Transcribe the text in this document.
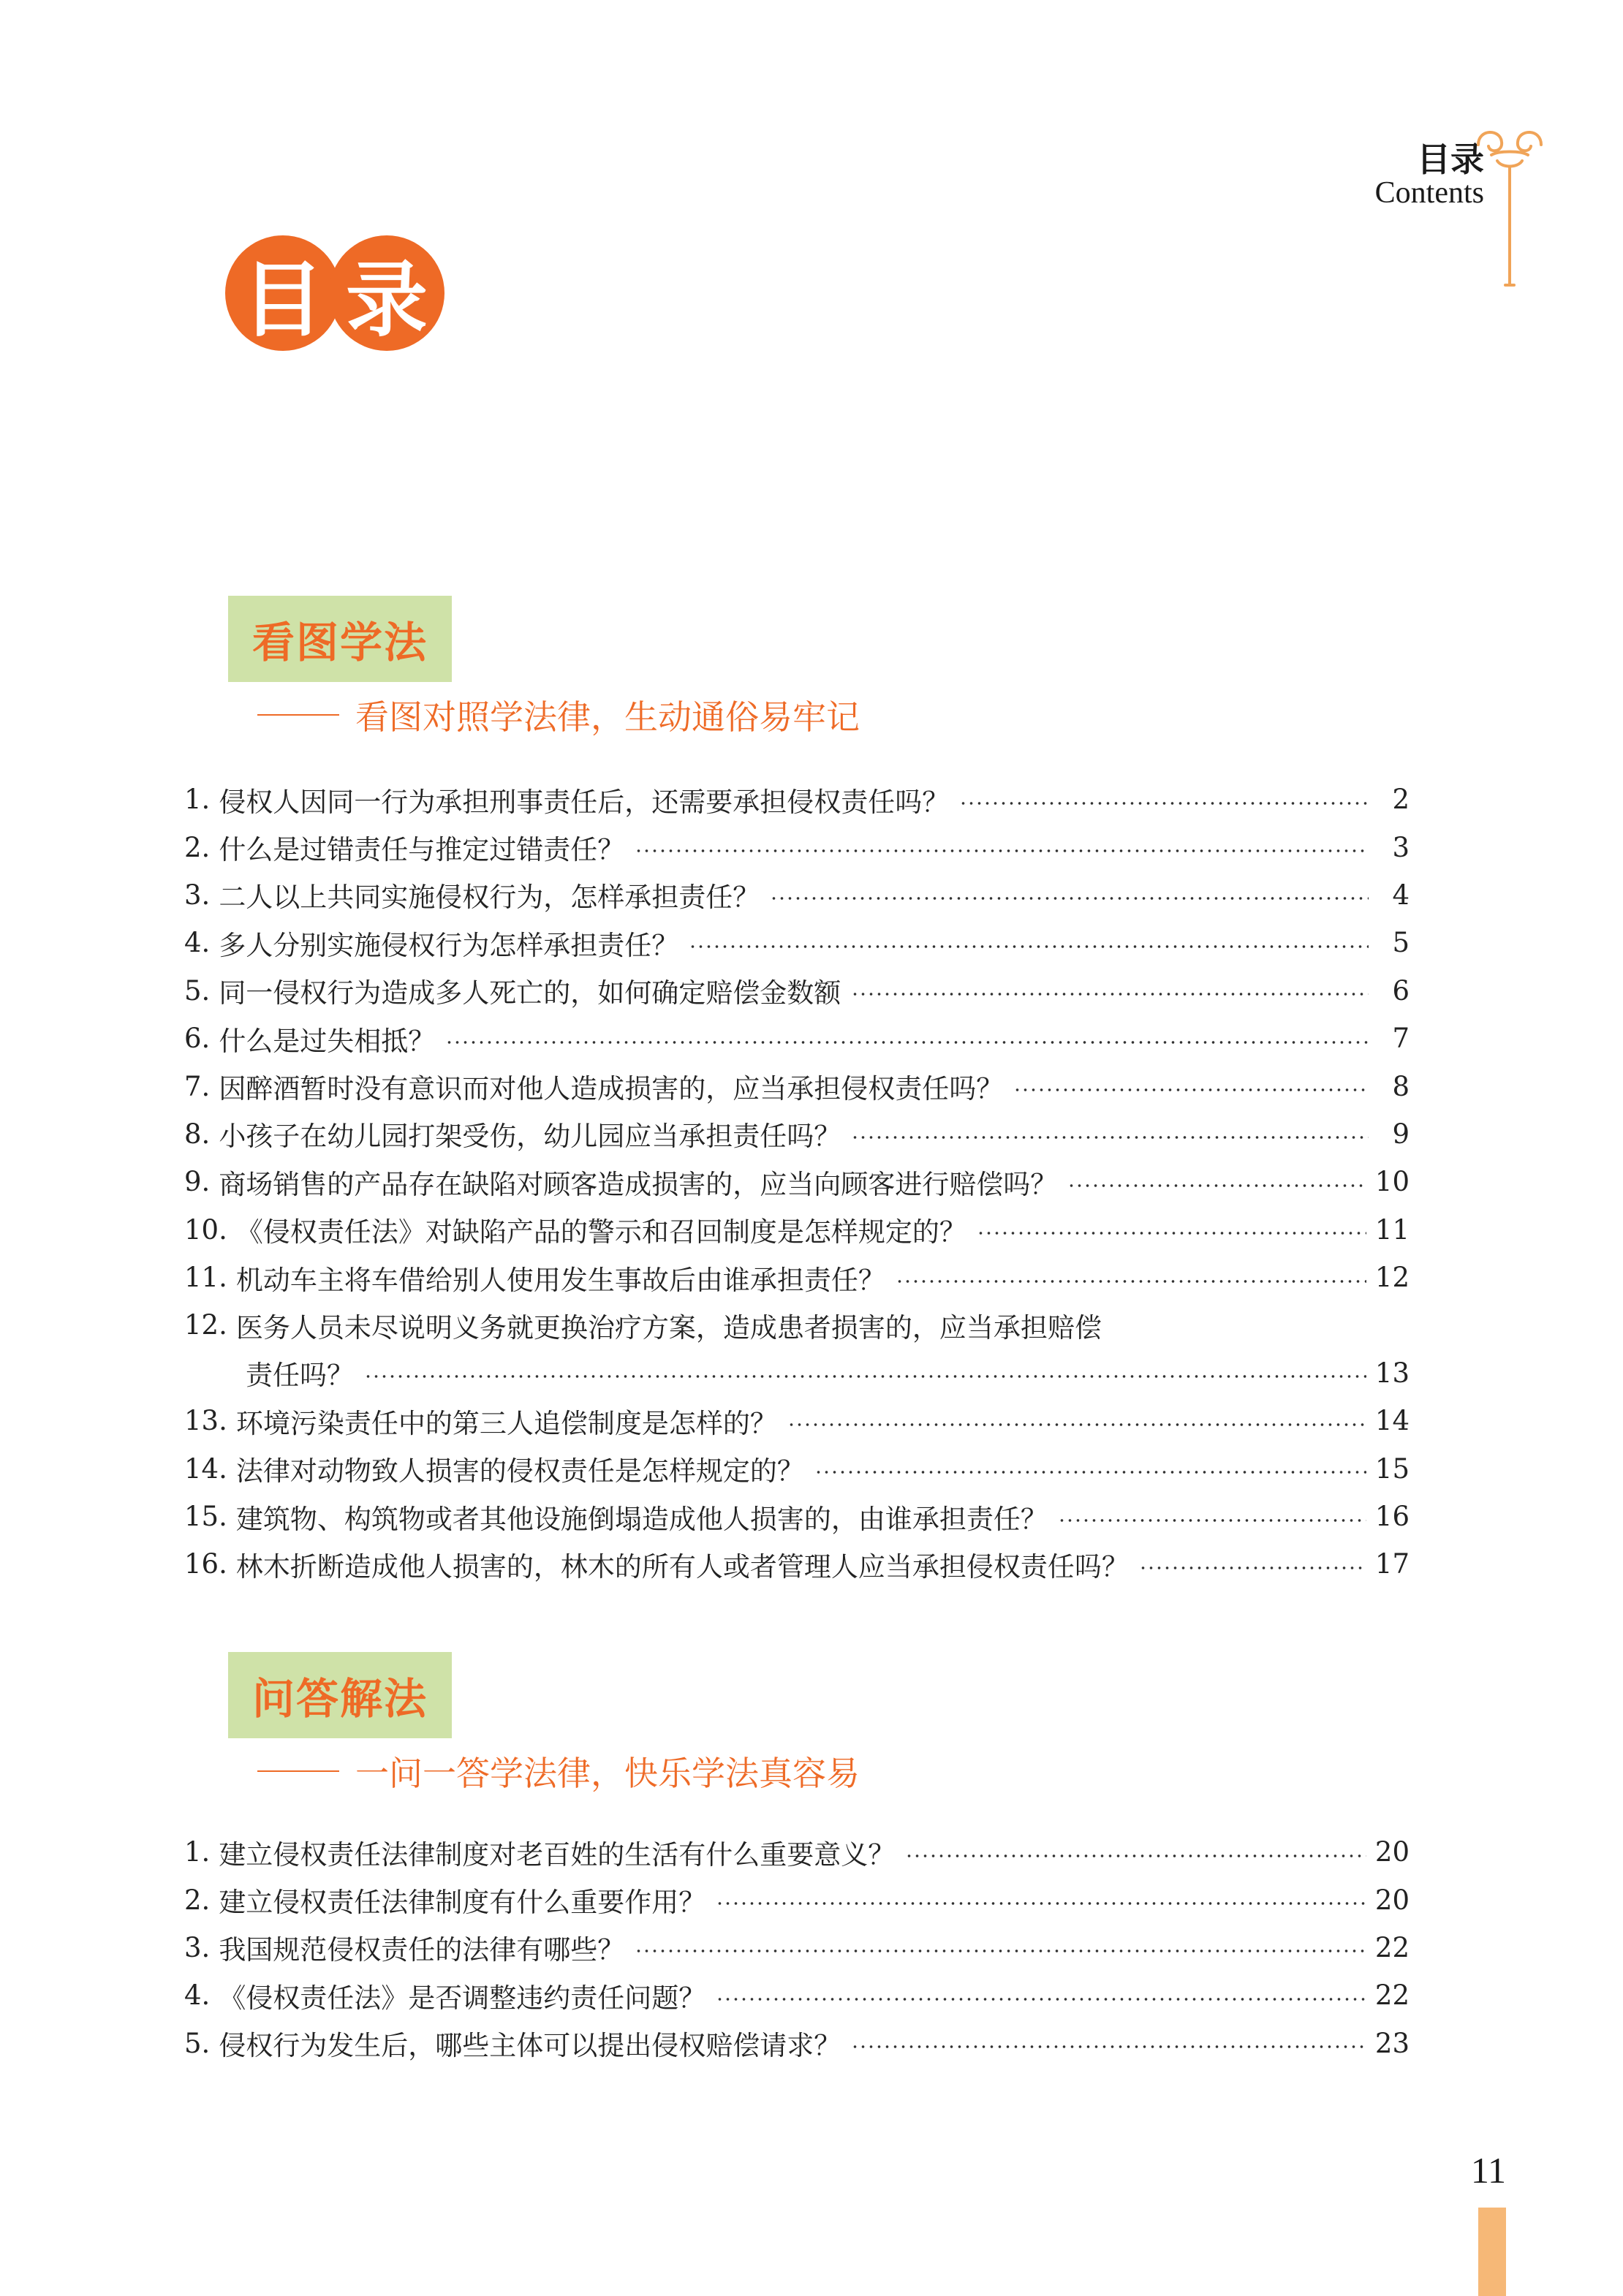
目录
Contents
目 录
看图学法
看图对照学法律，生动通俗易牢记
1. 侵权人因同一行为承担刑事责任后，还需要承担侵权责任吗？	2
2. 什么是过错责任与推定过错责任？	3
3. 二人以上共同实施侵权行为，怎样承担责任？	4
4. 多人分别实施侵权行为怎样承担责任？	5
5. 同一侵权行为造成多人死亡的，如何确定赔偿金数额	6
6. 什么是过失相抵？	7
7. 因醉酒暂时没有意识而对他人造成损害的，应当承担侵权责任吗？	8
8. 小孩子在幼儿园打架受伤，幼儿园应当承担责任吗？	9
9. 商场销售的产品存在缺陷对顾客造成损害的，应当向顾客进行赔偿吗？	10
10. 《侵权责任法》对缺陷产品的警示和召回制度是怎样规定的？	11
11. 机动车主将车借给别人使用发生事故后由谁承担责任？	12
12. 医务人员未尽说明义务就更换治疗方案，造成患者损害的，应当承担赔偿
责任吗？	13
13. 环境污染责任中的第三人追偿制度是怎样的？	14
14. 法律对动物致人损害的侵权责任是怎样规定的？	15
15. 建筑物、构筑物或者其他设施倒塌造成他人损害的，由谁承担责任？	16
16. 林木折断造成他人损害的，林木的所有人或者管理人应当承担侵权责任吗？	17
问答解法
一问一答学法律，快乐学法真容易
1. 建立侵权责任法律制度对老百姓的生活有什么重要意义？	20
2. 建立侵权责任法律制度有什么重要作用？	20
3. 我国规范侵权责任的法律有哪些？	22
4. 《侵权责任法》是否调整违约责任问题？	22
5. 侵权行为发生后，哪些主体可以提出侵权赔偿请求？	23
11
